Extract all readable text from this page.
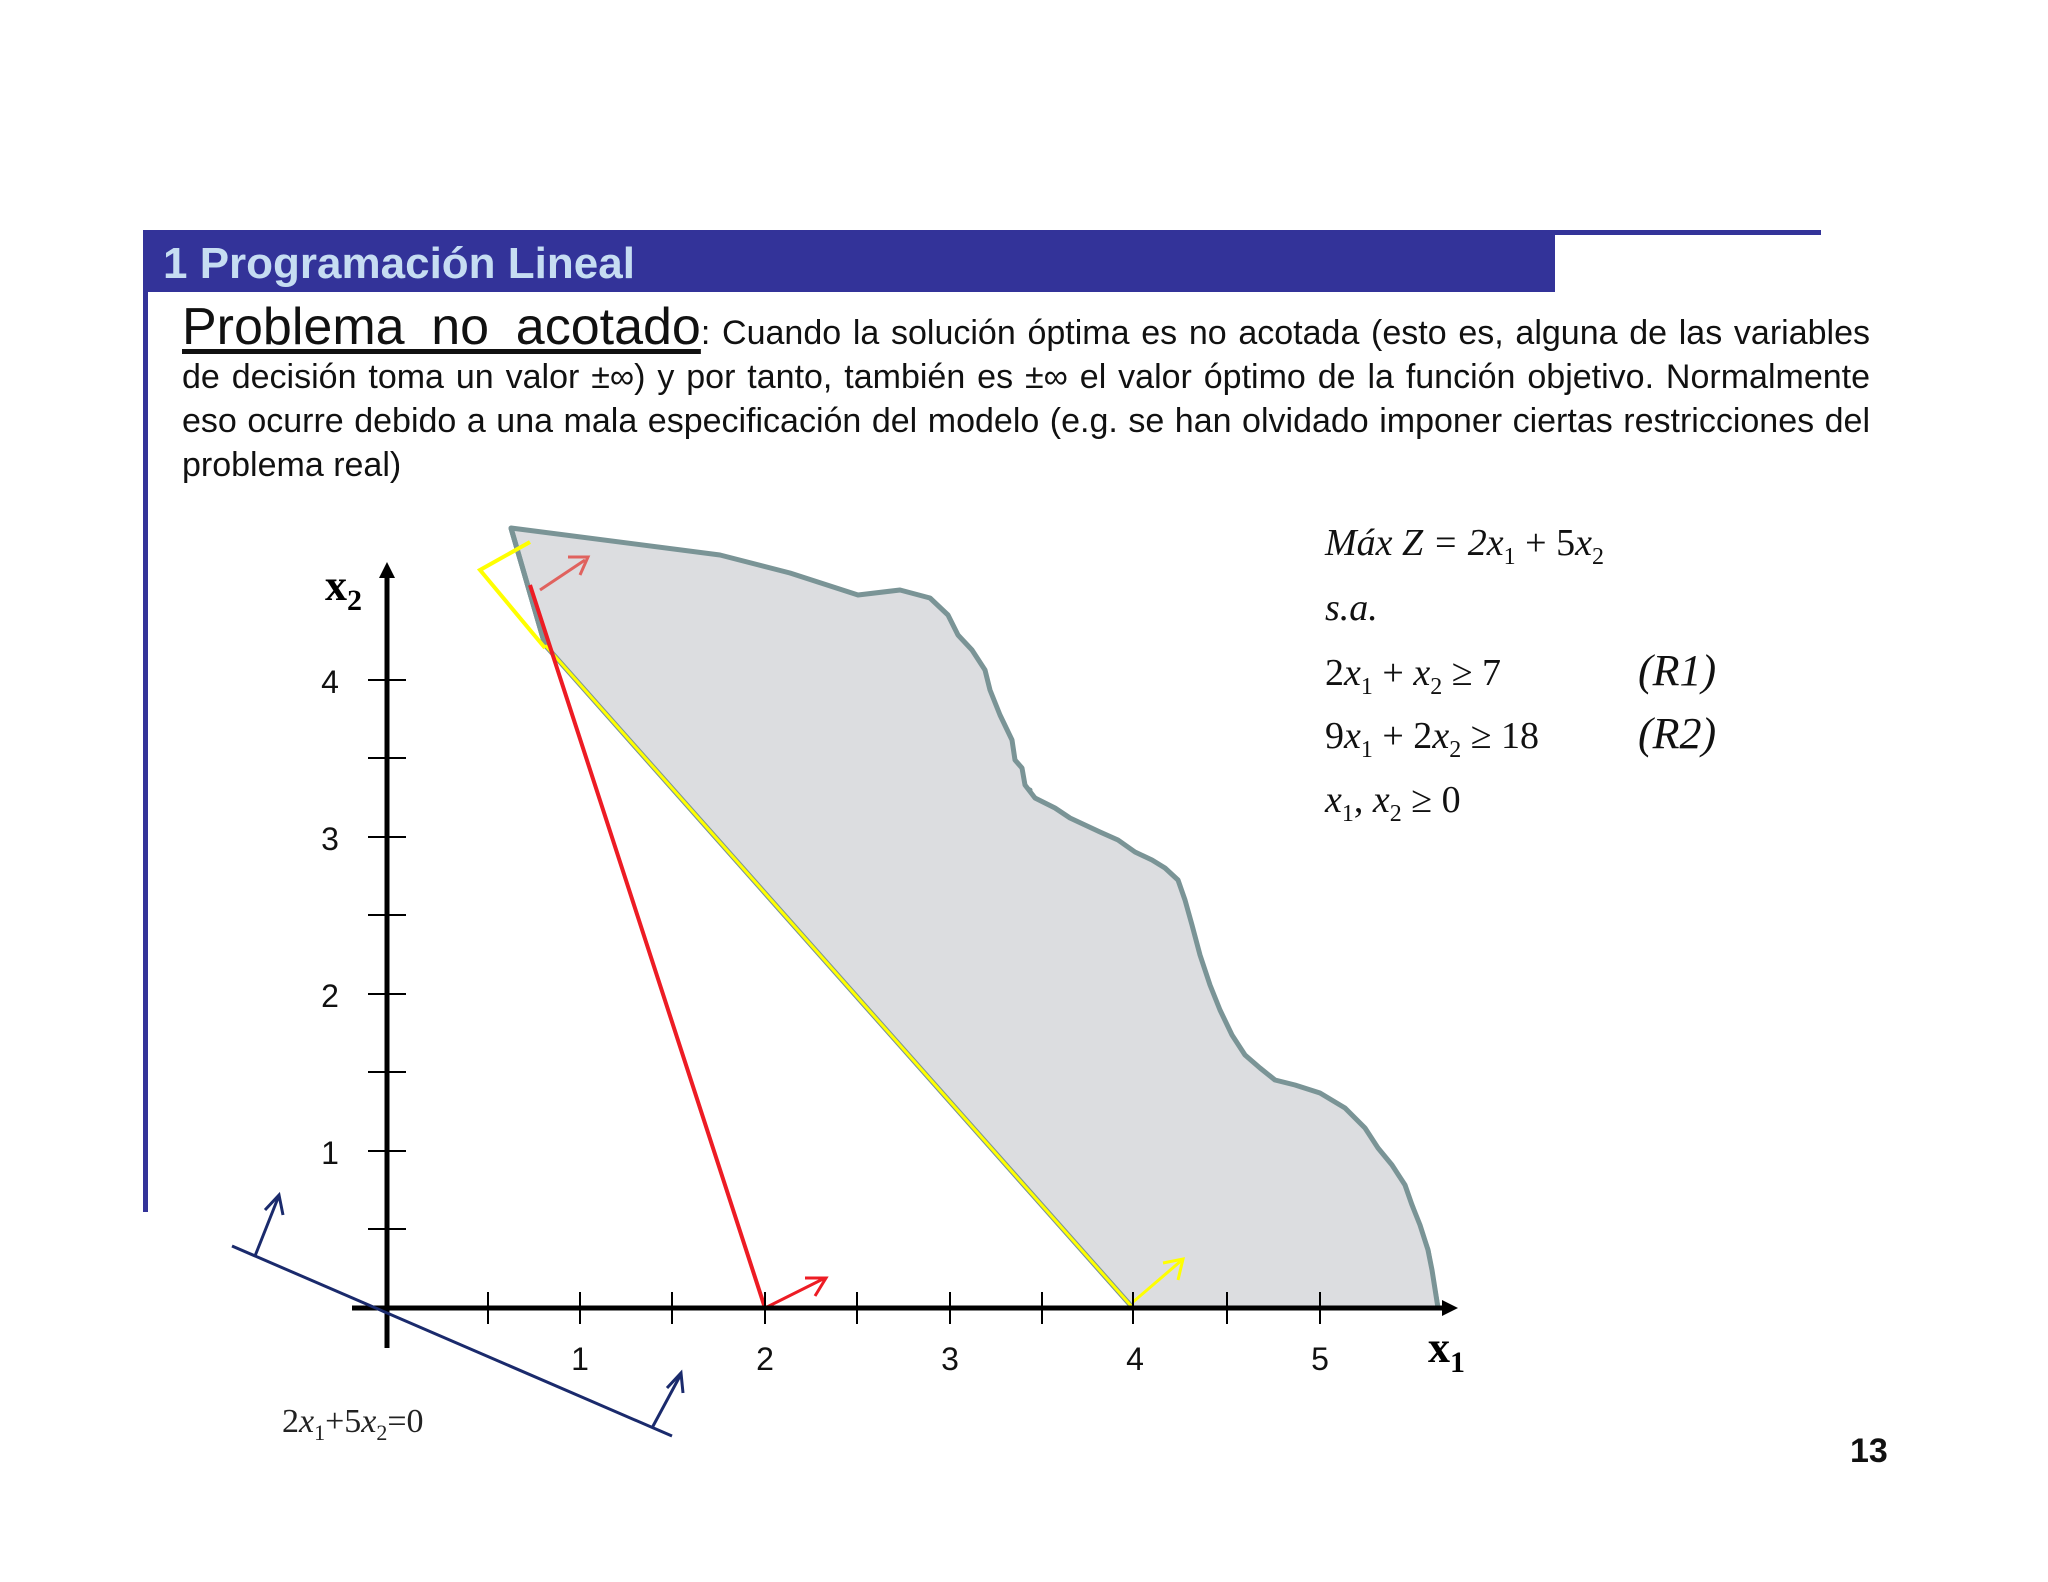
1 Programación Lineal
Problema no acotado: Cuando la solución óptima es no acotada (esto es, alguna de las variables de decisión toma un valor ±∞) y por tanto, también es ±∞ el valor óptimo de la función objetivo. Normalmente eso ocurre debido a una mala especificación del modelo (e.g. se han olvidado imponer ciertas restricciones del problema real)
1	2	3	4	5
1
2
3
4
$x_1$
$x_2$
$2x_1+5x_2=0$
Máx $Z = 2x_1 + 5x_2$
s.a.
$2x_1 + x_2 \ge 7$	(R1)
$9x_1 + 2x_2 \ge 18$ (R2)
$x_1$, $x_2 \ge 0$
13
